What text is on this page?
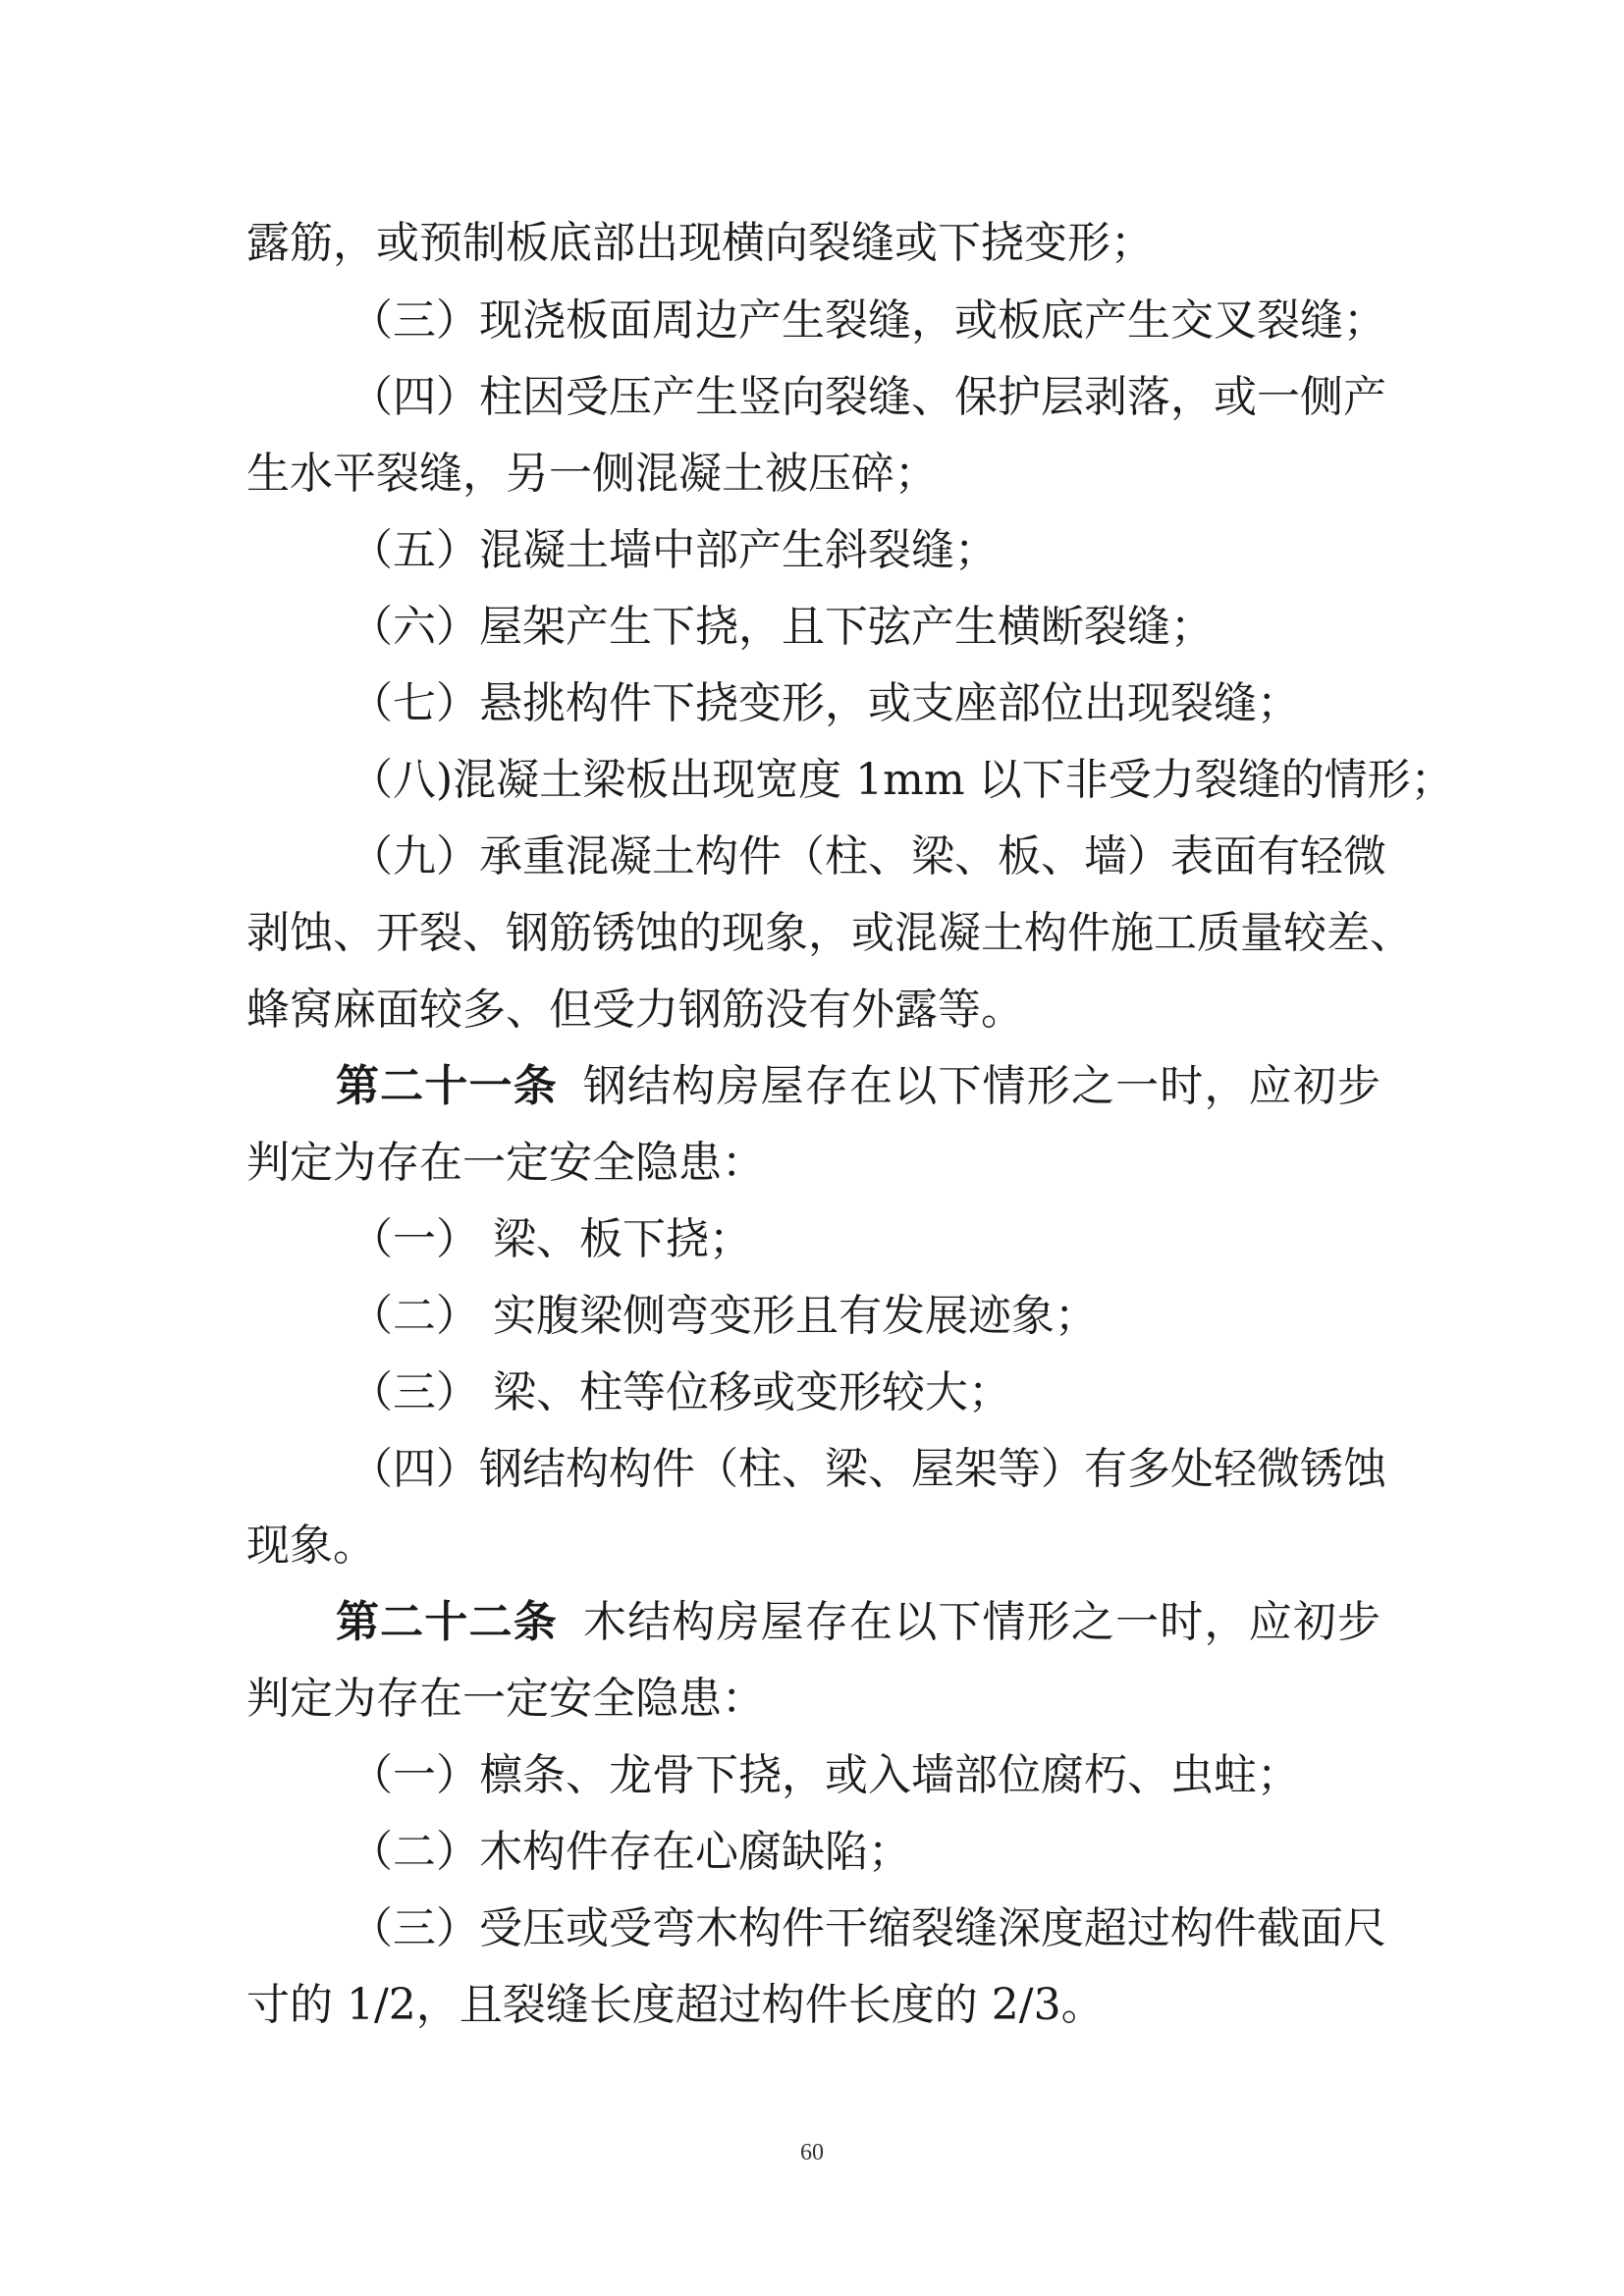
露筋，或预制板底部出现横向裂缝或下挠变形；

（三）现浇板面周边产生裂缝，或板底产生交叉裂缝；

（四）柱因受压产生竖向裂缝、保护层剥落，或一侧产

生水平裂缝，另一侧混凝土被压碎；

（五）混凝土墙中部产生斜裂缝；

（六）屋架产生下挠，且下弦产生横断裂缝；

（七）悬挑构件下挠变形，或支座部位出现裂缝；

（八)混凝土梁板出现宽度 1mm 以下非受力裂缝的情形；

（九）承重混凝土构件（柱、梁、板、墙）表面有轻微

剥蚀、开裂、钢筋锈蚀的现象，或混凝土构件施工质量较差、

蜂窝麻面较多、但受力钢筋没有外露等。

第二十一条 钢结构房屋存在以下情形之一时，应初步

判定为存在一定安全隐患：

（一） 梁、板下挠；

（二） 实腹梁侧弯变形且有发展迹象；

（三） 梁、柱等位移或变形较大；

（四）钢结构构件（柱、梁、屋架等）有多处轻微锈蚀

现象。

第二十二条 木结构房屋存在以下情形之一时，应初步

判定为存在一定安全隐患：

（一）檩条、龙骨下挠，或入墙部位腐朽、虫蛀；

（二）木构件存在心腐缺陷；

（三）受压或受弯木构件干缩裂缝深度超过构件截面尺

寸的 1/2，且裂缝长度超过构件长度的 2/3。

60
